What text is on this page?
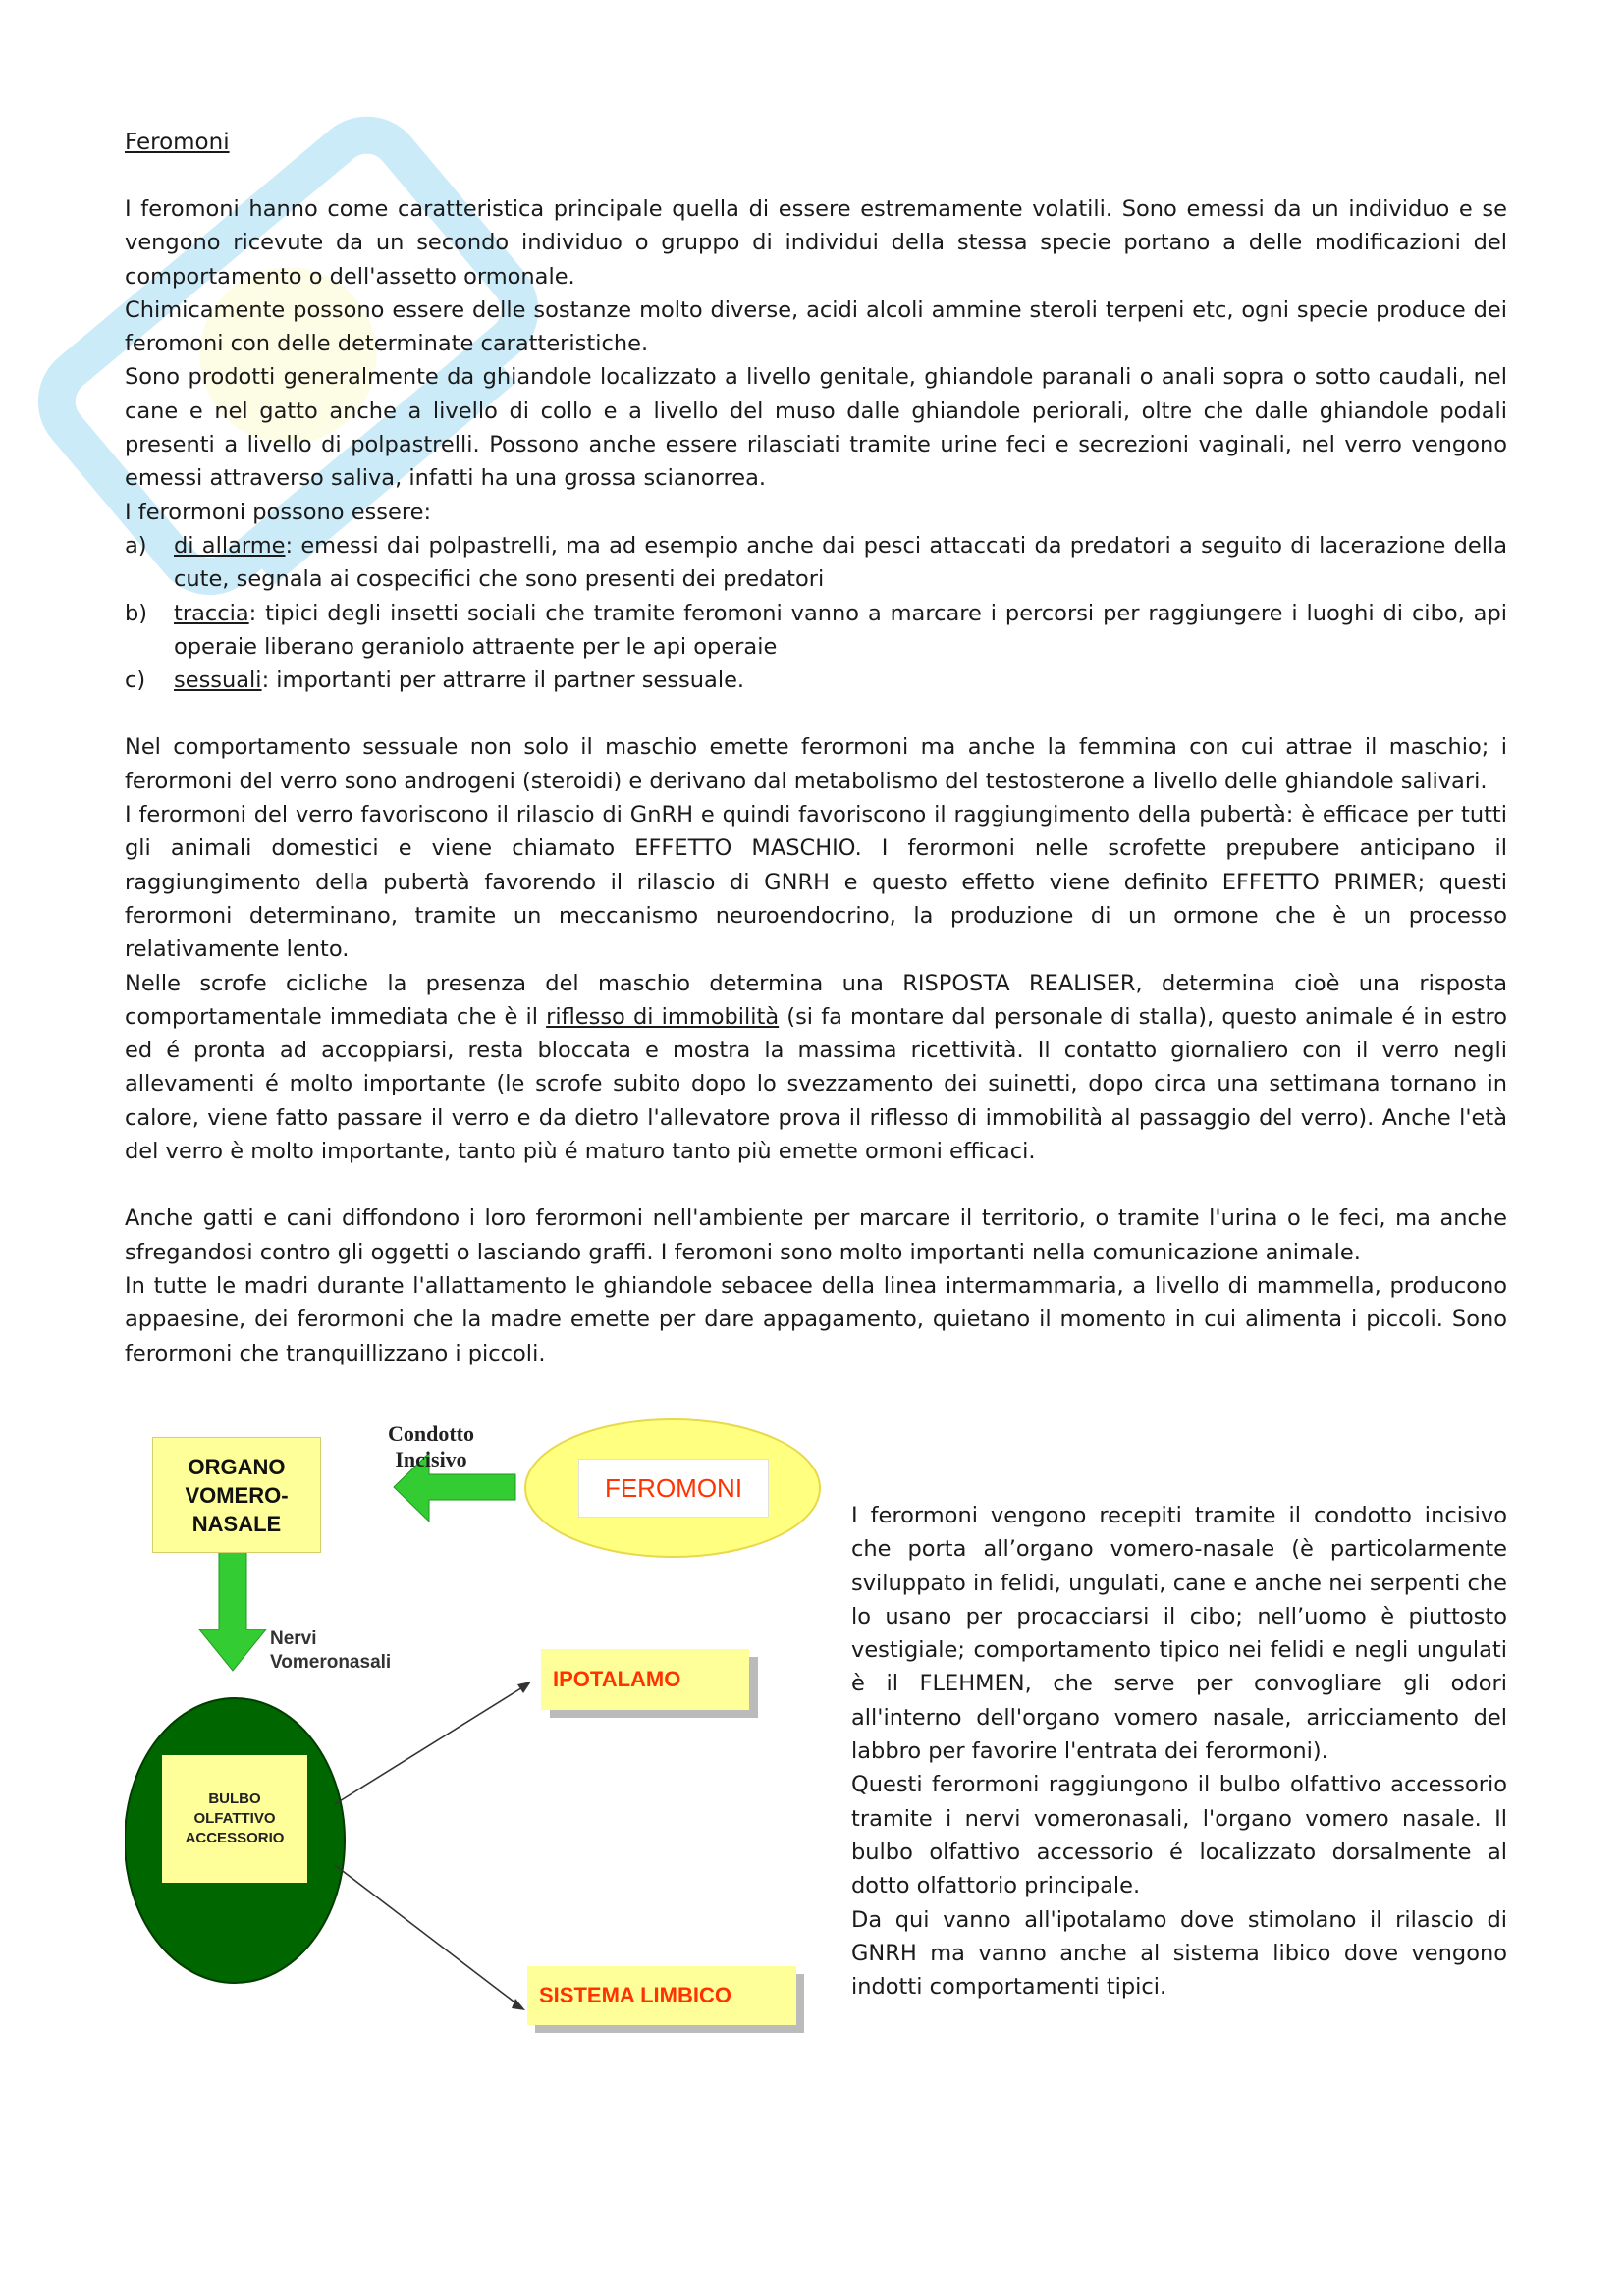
Feromoni

I feromoni hanno come caratteristica principale quella di essere estremamente volatili. Sono emessi da un individuo e se vengono ricevute da un secondo individuo o gruppo di individui della stessa specie portano a delle modificazioni del comportamento o dell'assetto ormonale.

Chimicamente possono essere delle sostanze molto diverse, acidi alcoli ammine steroli terpeni etc, ogni specie produce dei feromoni con delle determinate caratteristiche.

Sono prodotti generalmente da ghiandole localizzato a livello genitale, ghiandole paranali o anali sopra o sotto caudali, nel cane e nel gatto anche a livello di collo e a livello del muso dalle ghiandole periorali, oltre che dalle ghiandole podali presenti a livello di polpastrelli. Possono anche essere rilasciati tramite urine feci e secrezioni vaginali, nel verro vengono emessi attraverso saliva, infatti ha una grossa scianorrea.

I ferormoni possono essere:

a) di allarme: emessi dai polpastrelli, ma ad esempio anche dai pesci attaccati da predatori a seguito di lacerazione della cute, segnala ai cospecifici che sono presenti dei predatori
b) traccia: tipici degli insetti sociali che tramite feromoni vanno a marcare i percorsi per raggiungere i luoghi di cibo, api operaie liberano geraniolo attraente per le api operaie
c) sessuali: importanti per attrarre il partner sessuale.

Nel comportamento sessuale non solo il maschio emette ferormoni ma anche la femmina con cui attrae il maschio; i ferormoni del verro sono androgeni (steroidi) e derivano dal metabolismo del testosterone a livello delle ghiandole salivari.

I ferormoni del verro favoriscono il rilascio di GnRH e quindi favoriscono il raggiungimento della pubertà: è efficace per tutti gli animali domestici e viene chiamato EFFETTO MASCHIO. I ferormoni nelle scrofette prepubere anticipano il raggiungimento della pubertà favorendo il rilascio di GNRH e questo effetto viene definito EFFETTO PRIMER; questi ferormoni determinano, tramite un meccanismo neuroendocrino, la produzione di un ormone che è un processo relativamente lento.

Nelle scrofe cicliche la presenza del maschio determina una RISPOSTA REALISER, determina cioè una risposta comportamentale immediata che è il riflesso di immobilità (si fa montare dal personale di stalla), questo animale é in estro ed é pronta ad accoppiarsi, resta bloccata e mostra la massima ricettività. Il contatto giornaliero con il verro negli allevamenti é molto importante (le scrofe subito dopo lo svezzamento dei suinetti, dopo circa una settimana tornano in calore, viene fatto passare il verro e da dietro l'allevatore prova il riflesso di immobilità al passaggio del verro). Anche l'età del verro è molto importante, tanto più é maturo tanto più emette ormoni efficaci.

Anche gatti e cani diffondono i loro ferormoni nell'ambiente per marcare il territorio, o tramite l'urina o le feci, ma anche sfregandosi contro gli oggetti o lasciando graffi. I feromoni sono molto importanti nella comunicazione animale.

In tutte le madri durante l'allattamento le ghiandole sebacee della linea intermammaria, a livello di mammella, producono appaesine, dei ferormoni che la madre emette per dare appagamento, quietano il momento in cui alimenta i piccoli. Sono ferormoni che tranquillizzano i piccoli.

ORGANO VOMERO- NASALE
FEROMONI
Condotto
Incisivo
Nervi
Vomeronasali
BULBO OLFATTIVO ACCESSORIO
IPOTALAMO
SISTEMA LIMBICO

I ferormoni vengono recepiti tramite il condotto incisivo che porta all’organo vomero-nasale (è particolarmente sviluppato in felidi, ungulati, cane e anche nei serpenti che lo usano per procacciarsi il cibo; nell’uomo è piuttosto vestigiale; comportamento tipico nei felidi e negli ungulati è il FLEHMEN, che serve per convogliare gli odori all'interno dell'organo vomero nasale, arricciamento del labbro per favorire l'entrata dei ferormoni).

Questi ferormoni raggiungono il bulbo olfattivo accessorio tramite i nervi vomeronasali, l'organo vomero nasale. Il bulbo olfattivo accessorio é localizzato dorsalmente al dotto olfattorio principale.

Da qui vanno all'ipotalamo dove stimolano il rilascio di GNRH ma vanno anche al sistema libico dove vengono indotti comportamenti tipici.
